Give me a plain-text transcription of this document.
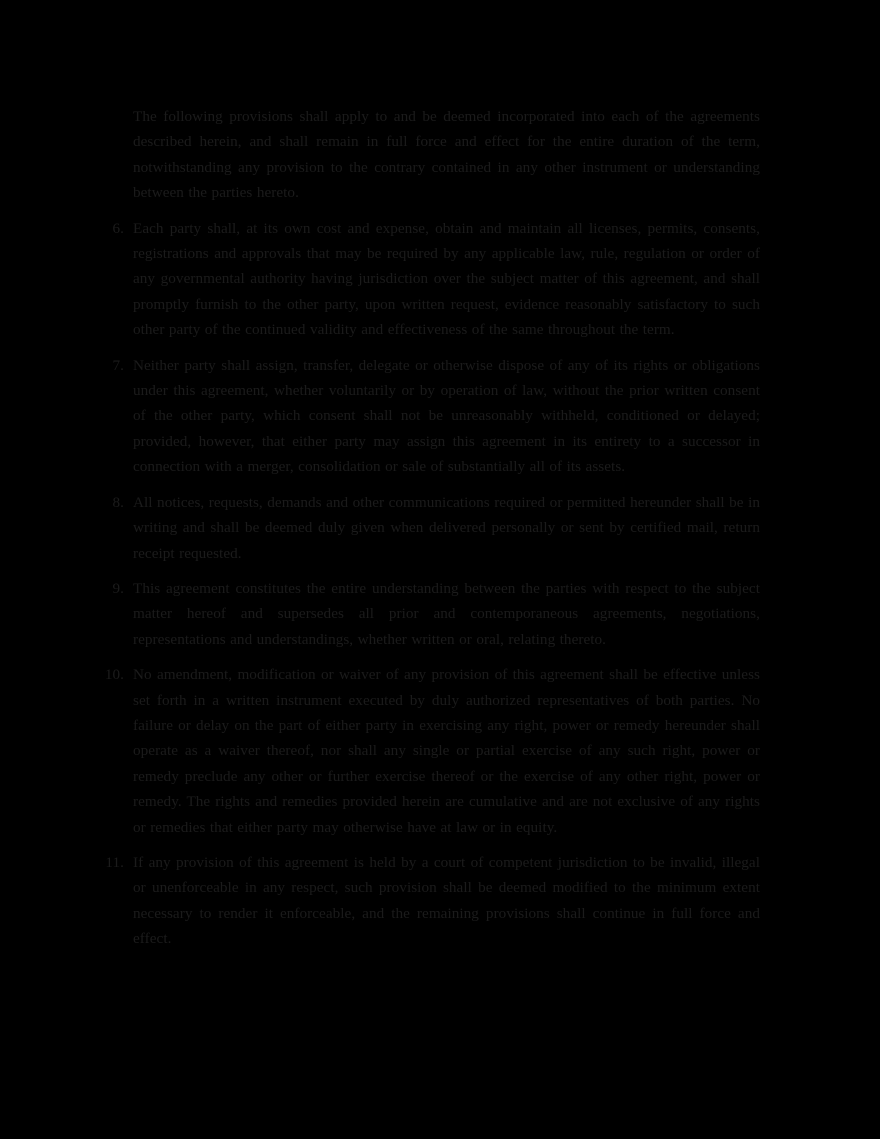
The following provisions shall apply to and be deemed incorporated into each of the agreements described herein, and shall remain in full force and effect for the entire duration of the term, notwithstanding any provision to the contrary contained in any other instrument or understanding between the parties hereto.

6. Each party shall, at its own cost and expense, obtain and maintain all licenses, permits, consents, registrations and approvals that may be required by any applicable law, rule, regulation or order of any governmental authority having jurisdiction over the subject matter of this agreement, and shall promptly furnish to the other party, upon written request, evidence reasonably satisfactory to such other party of the continued validity and effectiveness of the same throughout the term.
7. Neither party shall assign, transfer, delegate or otherwise dispose of any of its rights or obligations under this agreement, whether voluntarily or by operation of law, without the prior written consent of the other party, which consent shall not be unreasonably withheld, conditioned or delayed; provided, however, that either party may assign this agreement in its entirety to a successor in connection with a merger, consolidation or sale of substantially all of its assets.
8. All notices, requests, demands and other communications required or permitted hereunder shall be in writing and shall be deemed duly given when delivered personally or sent by certified mail, return receipt requested.
9. This agreement constitutes the entire understanding between the parties with respect to the subject matter hereof and supersedes all prior and contemporaneous agreements, negotiations, representations and understandings, whether written or oral, relating thereto.
10. No amendment, modification or waiver of any provision of this agreement shall be effective unless set forth in a written instrument executed by duly authorized representatives of both parties. No failure or delay on the part of either party in exercising any right, power or remedy hereunder shall operate as a waiver thereof, nor shall any single or partial exercise of any such right, power or remedy preclude any other or further exercise thereof or the exercise of any other right, power or remedy. The rights and remedies provided herein are cumulative and are not exclusive of any rights or remedies that either party may otherwise have at law or in equity.
11. If any provision of this agreement is held by a court of competent jurisdiction to be invalid, illegal or unenforceable in any respect, such provision shall be deemed modified to the minimum extent necessary to render it enforceable, and the remaining provisions shall continue in full force and effect.
